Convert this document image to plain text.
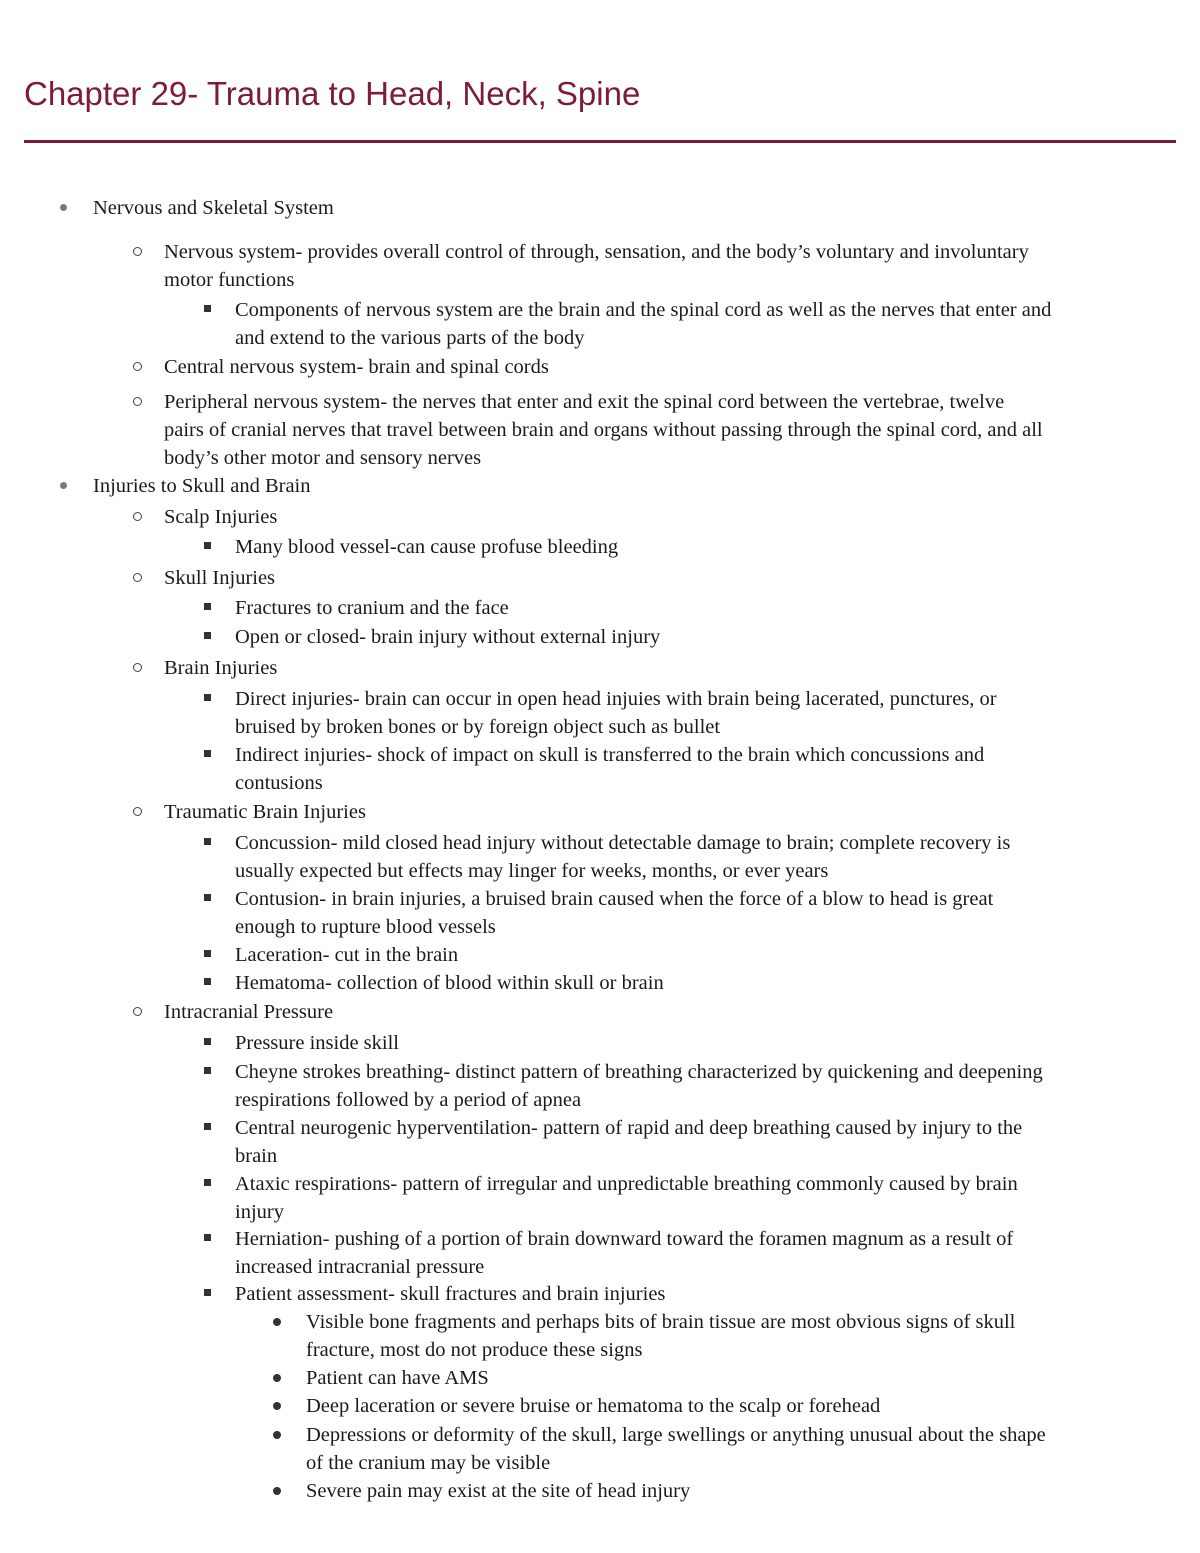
Chapter 29- Trauma to Head, Neck, Spine
Nervous and Skeletal System
Nervous system- provides overall control of through, sensation, and the body’s voluntary and involuntary
motor functions
Components of nervous system are the brain and the spinal cord as well as the nerves that enter and
and extend to the various parts of the body
Central nervous system- brain and spinal cords
Peripheral nervous system- the nerves that enter and exit the spinal cord between the vertebrae, twelve
pairs of cranial nerves that travel between brain and organs without passing through the spinal cord, and all
body’s other motor and sensory nerves
Injuries to Skull and Brain
Scalp Injuries
Many blood vessel-can cause profuse bleeding
Skull Injuries
Fractures to cranium and the face
Open or closed- brain injury without external injury
Brain Injuries
Direct injuries- brain can occur in open head injuies with brain being lacerated, punctures, or
bruised by broken bones or by foreign object such as bullet
Indirect injuries- shock of impact on skull is transferred to the brain which concussions and
contusions
Traumatic Brain Injuries
Concussion- mild closed head injury without detectable damage to brain; complete recovery is
usually expected but effects may linger for weeks, months, or ever years
Contusion- in brain injuries, a bruised brain caused when the force of a blow to head is great
enough to rupture blood vessels
Laceration- cut in the brain
Hematoma- collection of blood within skull or brain
Intracranial Pressure
Pressure inside skill
Cheyne strokes breathing- distinct pattern of breathing characterized by quickening and deepening
respirations followed by a period of apnea
Central neurogenic hyperventilation- pattern of rapid and deep breathing caused by injury to the
brain
Ataxic respirations- pattern of irregular and unpredictable breathing commonly caused by brain
injury
Herniation- pushing of a portion of brain downward toward the foramen magnum as a result of
increased intracranial pressure
Patient assessment- skull fractures and brain injuries
Visible bone fragments and perhaps bits of brain tissue are most obvious signs of skull
fracture, most do not produce these signs
Patient can have AMS
Deep laceration or severe bruise or hematoma to the scalp or forehead
Depressions or deformity of the skull, large swellings or anything unusual about the shape
of the cranium may be visible
Severe pain may exist at the site of head injury
